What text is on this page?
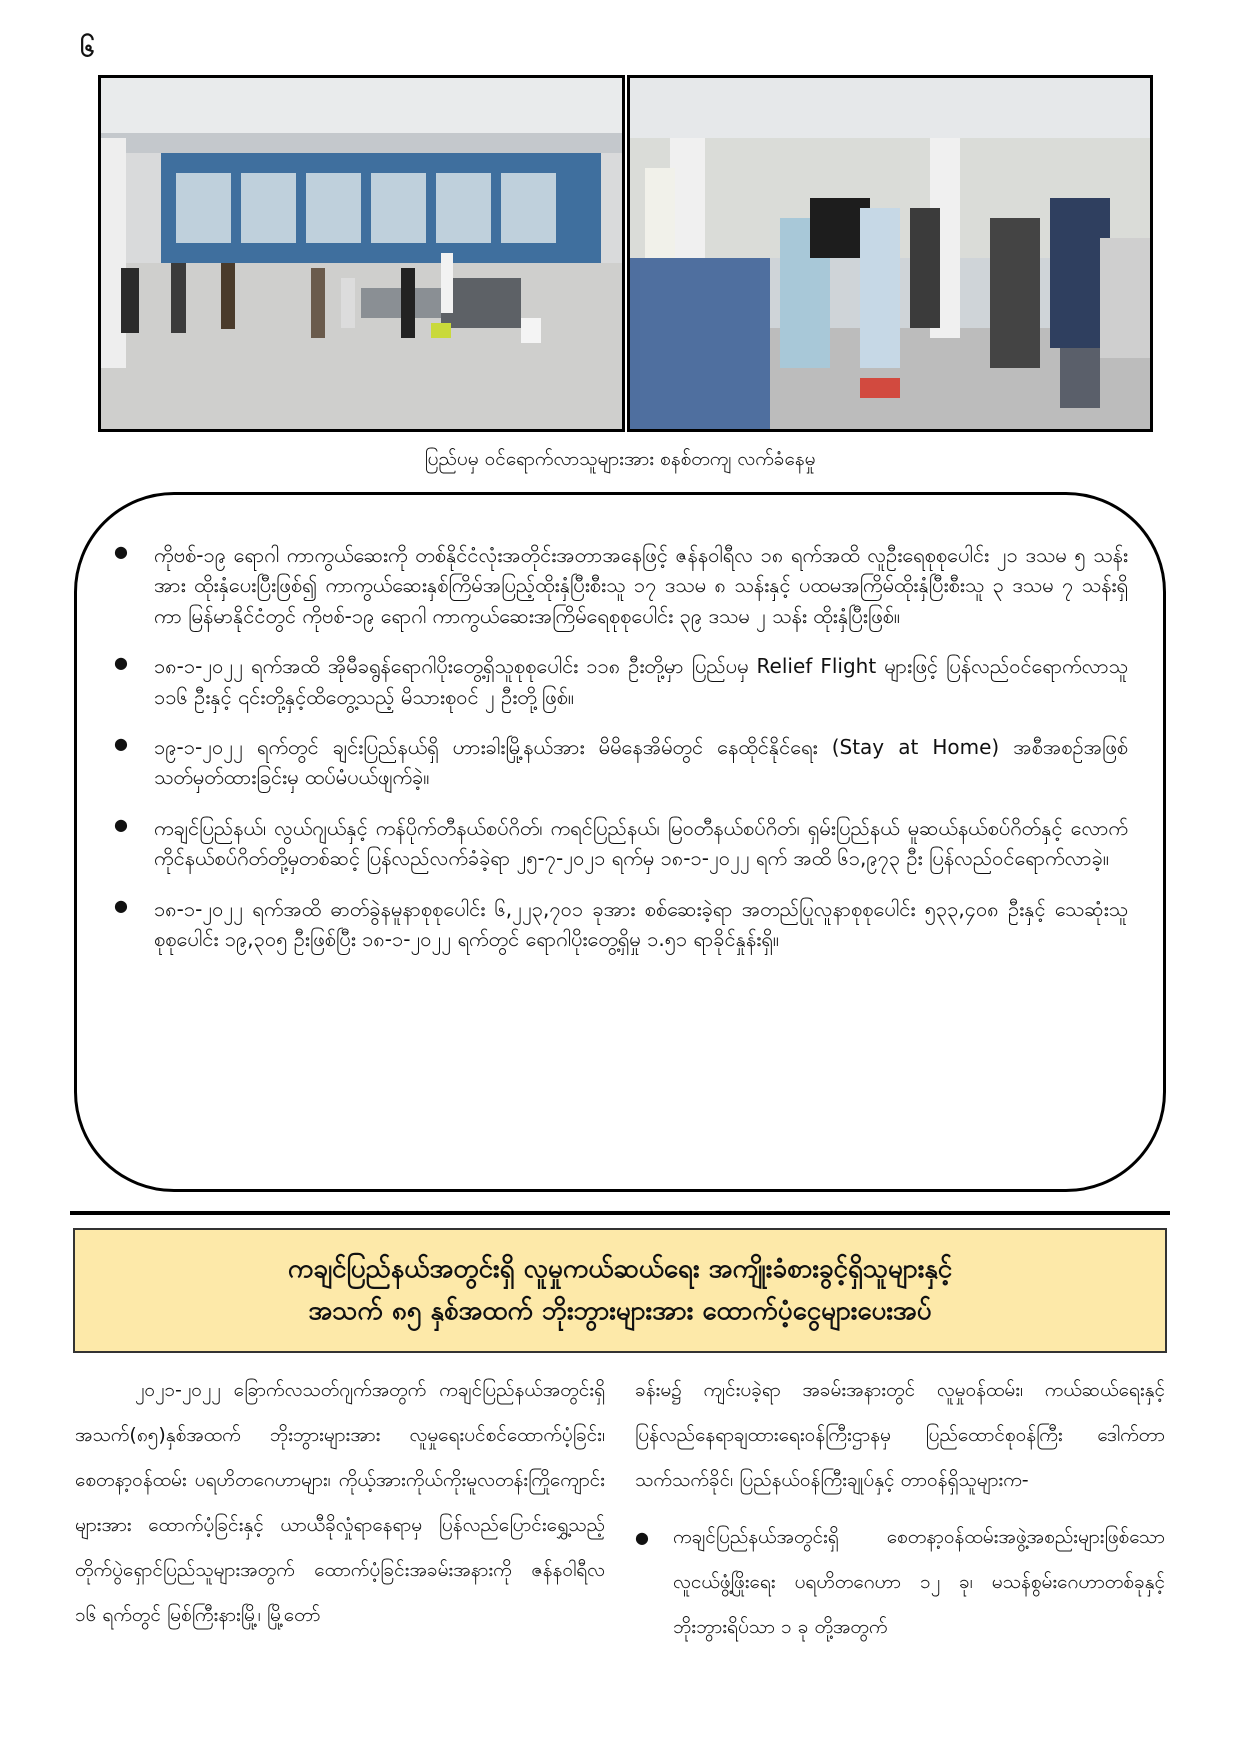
၆
ပြည်ပမှ ဝင်ရောက်လာသူများအား စနစ်တကျ လက်ခံနေမှု
● ကိုဗစ်-၁၉ ရောဂါ ကာကွယ်ဆေးကို တစ်နိုင်ငံလုံးအတိုင်းအတာအနေဖြင့် ဇန်နဝါရီလ ၁၈ ရက်အထိ လူဦးရေစုစုပေါင်း ၂၁ ဒသမ ၅ သန်းအား ထိုးနှံပေးပြီးဖြစ်၍ ကာကွယ်ဆေးနှစ်ကြိမ်အပြည့်ထိုးနှံပြီးစီးသူ ၁၇ ဒသမ ၈ သန်းနှင့် ပထမအကြိမ်ထိုးနှံပြီးစီးသူ ၃ ဒသမ ၇ သန်းရှိကာ မြန်မာနိုင်ငံတွင် ကိုဗစ်-၁၉ ရောဂါ ကာကွယ်ဆေးအကြိမ်ရေစုစုပေါင်း ၃၉ ဒသမ ၂ သန်း ထိုးနှံပြီးဖြစ်။
● ၁၈-၁-၂၀၂၂ ရက်အထိ အိုမီခရွန်ရောဂါပိုးတွေ့ရှိသူစုစုပေါင်း ၁၁၈ ဦးတို့မှာ ပြည်ပမှ Relief Flight များဖြင့် ပြန်လည်ဝင်ရောက်လာသူ ၁၁၆ ဦးနှင့် ၎င်းတို့နှင့်ထိတွေ့သည့် မိသားစုဝင် ၂ ဦးတို့ဖြစ်။
● ၁၉-၁-၂၀၂၂ ရက်တွင် ချင်းပြည်နယ်ရှိ ဟားခါးမြို့နယ်အား မိမိနေအိမ်တွင် နေထိုင်နိုင်ရေး (Stay at Home) အစီအစဉ်အဖြစ် သတ်မှတ်ထားခြင်းမှ ထပ်မံပယ်ဖျက်ခဲ့။
● ကချင်ပြည်နယ်၊ လွယ်ဂျယ်နှင့် ကန်ပိုက်တီနယ်စပ်ဂိတ်၊ ကရင်ပြည်နယ်၊ မြဝတီနယ်စပ်ဂိတ်၊ ရှမ်းပြည်နယ် မူဆယ်နယ်စပ်ဂိတ်နှင့် လောက်ကိုင်နယ်စပ်ဂိတ်တို့မှတစ်ဆင့် ပြန်လည်လက်ခံခဲ့ရာ ၂၅-၇-၂၀၂၁ ရက်မှ ၁၈-၁-၂၀၂၂ ရက် အထိ ၆၁,၉၇၃ ဦး ပြန်လည်ဝင်ရောက်လာခဲ့။
● ၁၈-၁-၂၀၂၂ ရက်အထိ ဓာတ်ခွဲနမူနာစုစုပေါင်း ၆,၂၂၃,၇၀၁ ခုအား စစ်ဆေးခဲ့ရာ အတည်ပြုလူနာစုစုပေါင်း ၅၃၃,၄၀၈ ဦးနှင့် သေဆုံးသူစုစုပေါင်း ၁၉,၃၀၅ ဦးဖြစ်ပြီး ၁၈-၁-၂၀၂၂ ရက်တွင် ရောဂါပိုးတွေ့ရှိမှု ၁.၅၁ ရာခိုင်နှုန်းရှိ။
ကချင်ပြည်နယ်အတွင်းရှိ လူမှုကယ်ဆယ်ရေး အကျိုးခံစားခွင့်ရှိသူများနှင့်
အသက် ၈၅ နှစ်အထက် ဘိုးဘွားများအား ထောက်ပံ့ငွေများပေးအပ်

၂၀၂၁-၂၀၂၂ ခြောက်လသတ်ဂျက်အတွက် ကချင်ပြည်နယ်အတွင်းရှိ အသက်(၈၅)နှစ်အထက် ဘိုးဘွားများအား လူမှုရေးပင်စင်ထောက်ပံ့ခြင်း၊ စေတနာ့ဝန်ထမ်း ပရဟိတဂေဟာများ၊ ကိုယ့်အားကိုယ်ကိုးမူလတန်းကြိုကျောင်းများအား ထောက်ပံ့ခြင်းနှင့် ယာယီခိုလှုံရာနေရာမှ ပြန်လည်ပြောင်းရွှေ့သည့် တိုက်ပွဲရှောင်ပြည်သူများအတွက် ထောက်ပံ့ခြင်းအခမ်းအနားကို ဇန်နဝါရီလ ၁၆ ရက်တွင် မြစ်ကြီးနားမြို့၊ မြို့တော်

ခန်းမ၌ ကျင်းပခဲ့ရာ အခမ်းအနားတွင် လူမှုဝန်ထမ်း၊ ကယ်ဆယ်ရေးနှင့် ပြန်လည်နေရာချထားရေးဝန်ကြီးဌာနမှ ပြည်ထောင်စုဝန်ကြီး ဒေါက်တာသက်သက်ခိုင်၊ ပြည်နယ်ဝန်ကြီးချုပ်နှင့် တာဝန်ရှိသူများက-

● ကချင်ပြည်နယ်အတွင်းရှိ စေတနာ့ဝန်ထမ်းအဖွဲ့အစည်းများဖြစ်သော လူငယ်ဖွံ့ဖြိုးရေး ပရဟိတဂေဟာ ၁၂ ခု၊ မသန်စွမ်းဂေဟာတစ်ခုနှင့် ဘိုးဘွားရိပ်သာ ၁ ခု တို့အတွက်
